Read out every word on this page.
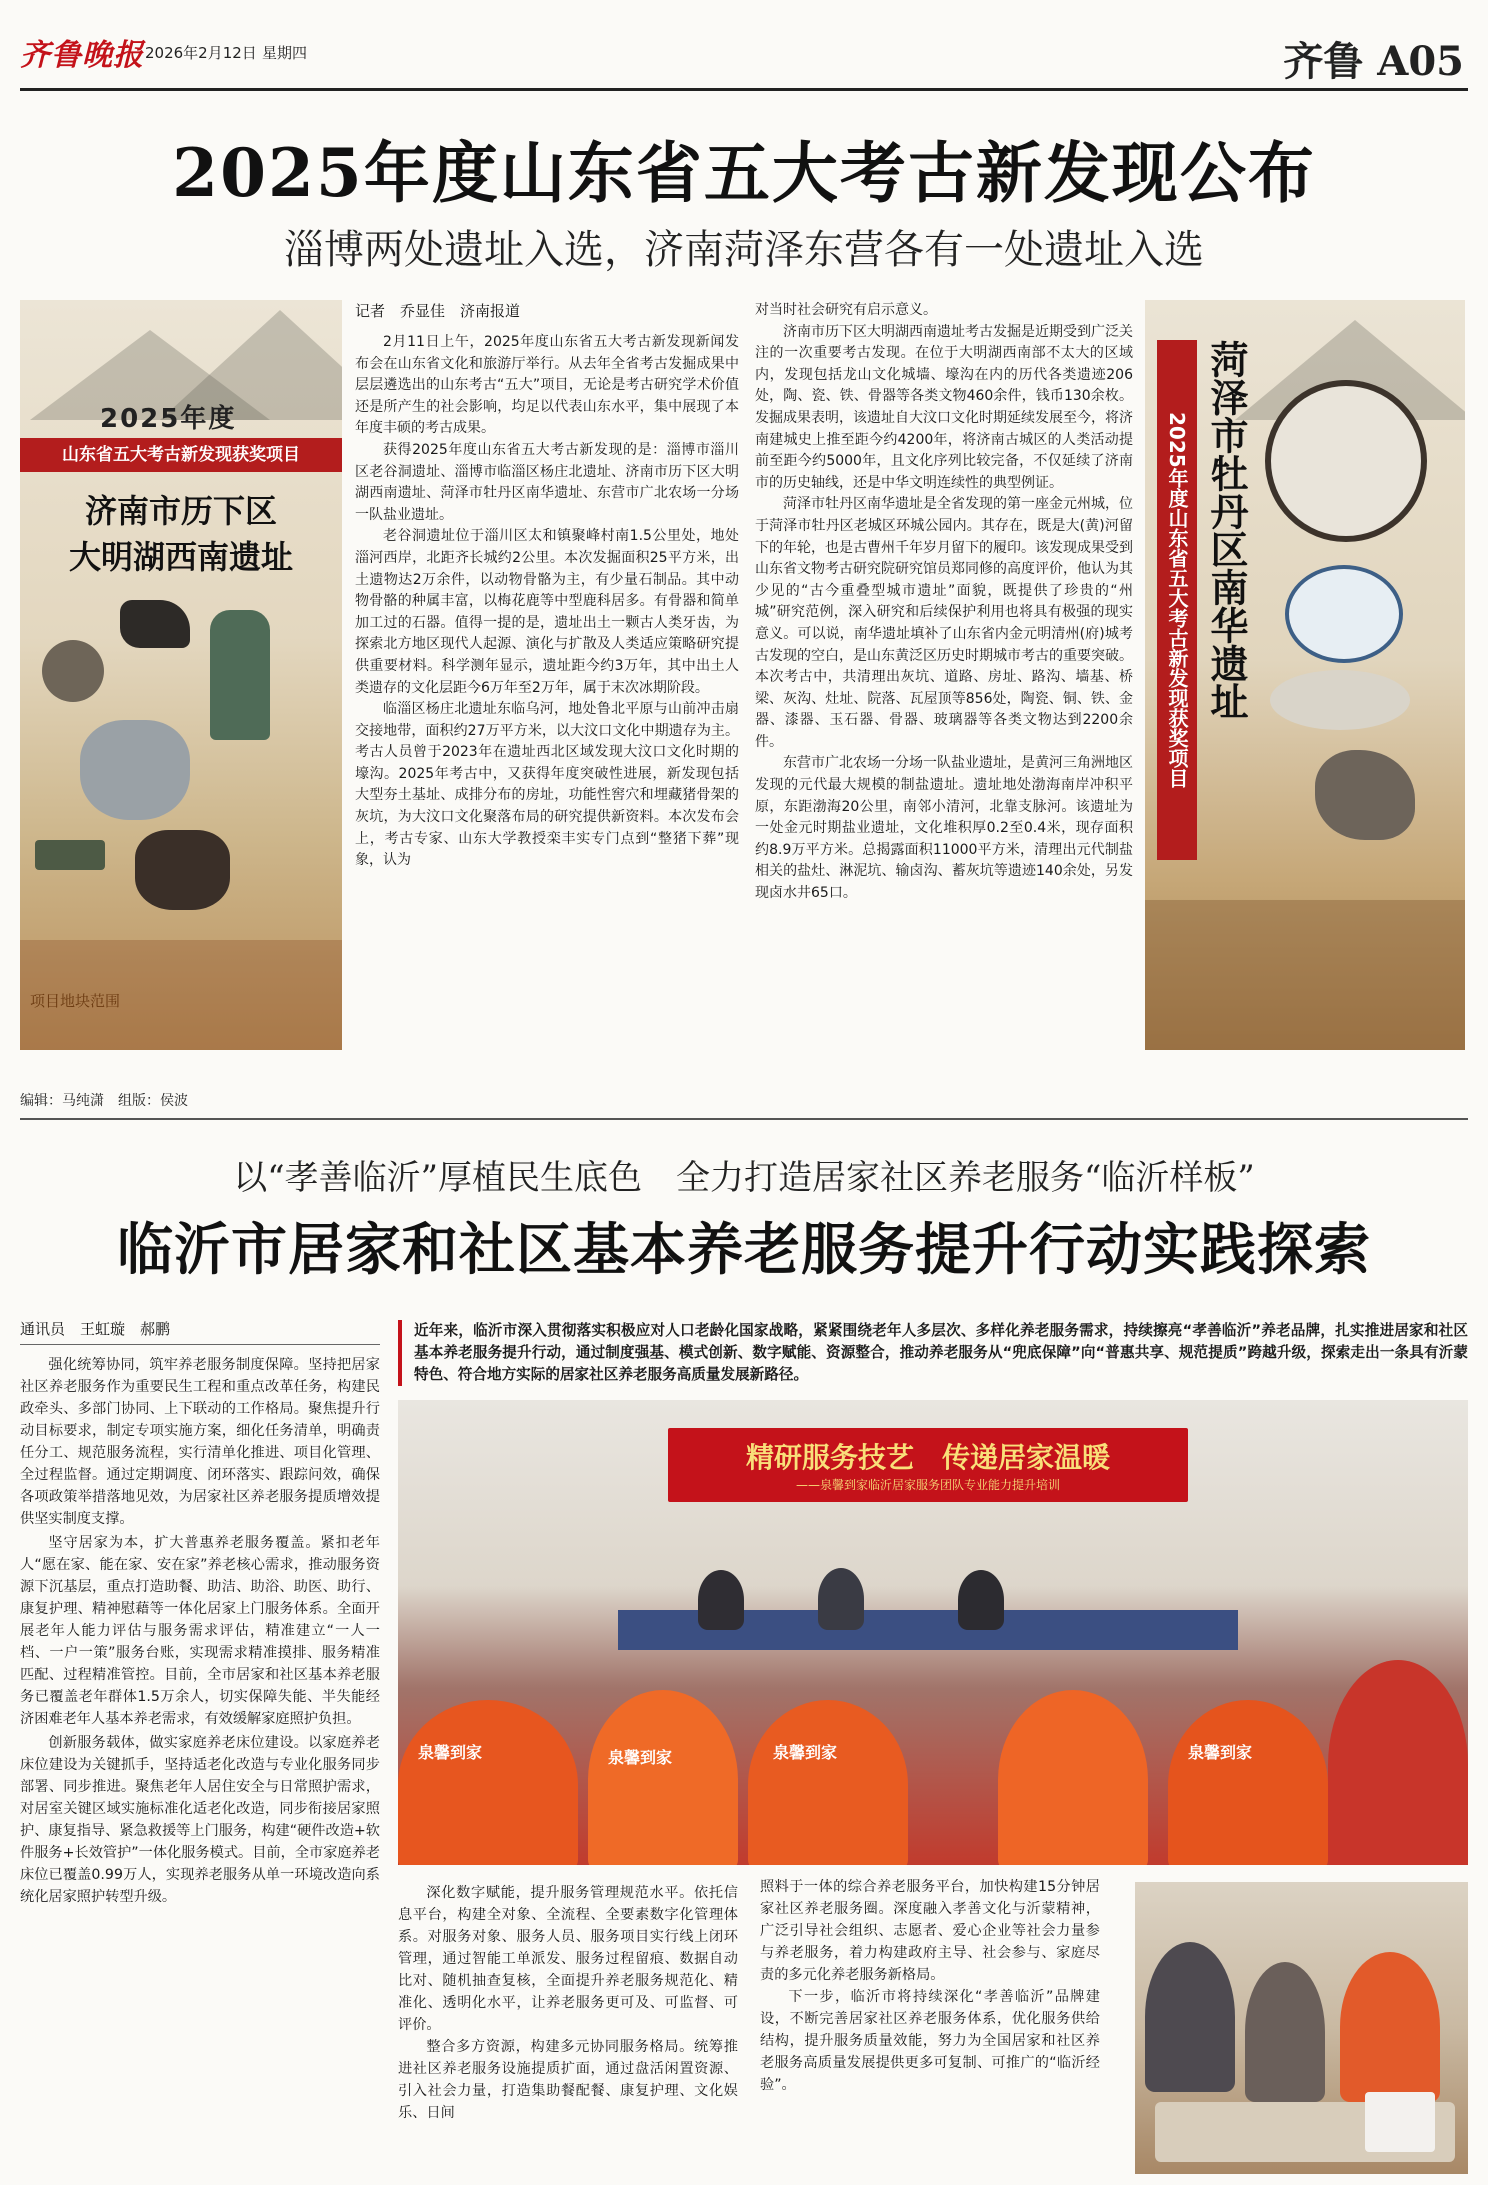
齐鲁晚报 2026年2月12日 星期四	齐鲁 A05
2025年度山东省五大考古新发现公布
淄博两处遗址入选，济南菏泽东营各有一处遗址入选
2025年度
山东省五大考古新发现获奖项目
济南市历下区
大明湖西南遗址
项目地块范围
记者　乔显佳　济南报道

2月11日上午，2025年度山东省五大考古新发现新闻发布会在山东省文化和旅游厅举行。从去年全省考古发掘成果中层层遴选出的山东考古“五大”项目，无论是考古研究学术价值还是所产生的社会影响，均足以代表山东水平，集中展现了本年度丰硕的考古成果。

获得2025年度山东省五大考古新发现的是：淄博市淄川区老谷洞遗址、淄博市临淄区杨庄北遗址、济南市历下区大明湖西南遗址、菏泽市牡丹区南华遗址、东营市广北农场一分场一队盐业遗址。

老谷洞遗址位于淄川区太和镇聚峰村南1.5公里处，地处淄河西岸，北距齐长城约2公里。本次发掘面积25平方米，出土遗物达2万余件，以动物骨骼为主，有少量石制品。其中动物骨骼的种属丰富，以梅花鹿等中型鹿科居多。有骨器和简单加工过的石器。值得一提的是，遗址出土一颗古人类牙齿，为探索北方地区现代人起源、演化与扩散及人类适应策略研究提供重要材料。科学测年显示，遗址距今约3万年，其中出土人类遗存的文化层距今6万年至2万年，属于末次冰期阶段。

临淄区杨庄北遗址东临乌河，地处鲁北平原与山前冲击扇交接地带，面积约27万平方米，以大汶口文化中期遗存为主。考古人员曾于2023年在遗址西北区域发现大汶口文化时期的壕沟。2025年考古中，又获得年度突破性进展，新发现包括大型夯土基址、成排分布的房址，功能性窖穴和埋藏猪骨架的灰坑，为大汶口文化聚落布局的研究提供新资料。本次发布会上，考古专家、山东大学教授栾丰实专门点到“整猪下葬”现象，认为

对当时社会研究有启示意义。

济南市历下区大明湖西南遗址考古发掘是近期受到广泛关注的一次重要考古发现。在位于大明湖西南部不太大的区域内，发现包括龙山文化城墙、壕沟在内的历代各类遗迹206处，陶、瓷、铁、骨器等各类文物460余件，钱币130余枚。发掘成果表明，该遗址自大汶口文化时期延续发展至今，将济南建城史上推至距今约4200年，将济南古城区的人类活动提前至距今约5000年，且文化序列比较完备，不仅延续了济南市的历史轴线，还是中华文明连续性的典型例证。

菏泽市牡丹区南华遗址是全省发现的第一座金元州城，位于菏泽市牡丹区老城区环城公园内。其存在，既是大(黄)河留下的年轮，也是古曹州千年岁月留下的履印。该发现成果受到山东省文物考古研究院研究馆员郑同修的高度评价，他认为其少见的“古今重叠型城市遗址”面貌，既提供了珍贵的“州城”研究范例，深入研究和后续保护利用也将具有极强的现实意义。可以说，南华遗址填补了山东省内金元明清州(府)城考古发现的空白，是山东黄泛区历史时期城市考古的重要突破。本次考古中，共清理出灰坑、道路、房址、路沟、墙基、桥梁、灰沟、灶址、院落、瓦屋顶等856处，陶瓷、铜、铁、金器、漆器、玉石器、骨器、玻璃器等各类文物达到2200余件。

东营市广北农场一分场一队盐业遗址，是黄河三角洲地区发现的元代最大规模的制盐遗址。遗址地处渤海南岸冲积平原，东距渤海20公里，南邻小清河，北靠支脉河。该遗址为一处金元时期盐业遗址，文化堆积厚0.2至0.4米，现存面积约8.9万平方米。总揭露面积11000平方米，清理出元代制盐相关的盐灶、淋泥坑、输卤沟、蓄灰坑等遗迹140余处，另发现卤水井65口。

2025年度山东省五大考古新发现获奖项目 菏泽市牡丹区南华遗址
编辑：马纯潇　组版：侯波
以“孝善临沂”厚植民生底色　全力打造居家社区养老服务“临沂样板”
临沂市居家和社区基本养老服务提升行动实践探索
通讯员　王虹璇　郝鹏

强化统筹协同，筑牢养老服务制度保障。坚持把居家社区养老服务作为重要民生工程和重点改革任务，构建民政牵头、多部门协同、上下联动的工作格局。聚焦提升行动目标要求，制定专项实施方案，细化任务清单，明确责任分工、规范服务流程，实行清单化推进、项目化管理、全过程监督。通过定期调度、闭环落实、跟踪问效，确保各项政策举措落地见效，为居家社区养老服务提质增效提供坚实制度支撑。

坚守居家为本，扩大普惠养老服务覆盖。紧扣老年人“愿在家、能在家、安在家”养老核心需求，推动服务资源下沉基层，重点打造助餐、助洁、助浴、助医、助行、康复护理、精神慰藉等一体化居家上门服务体系。全面开展老年人能力评估与服务需求评估，精准建立“一人一档、一户一策”服务台账，实现需求精准摸排、服务精准匹配、过程精准管控。目前，全市居家和社区基本养老服务已覆盖老年群体1.5万余人，切实保障失能、半失能经济困难老年人基本养老需求，有效缓解家庭照护负担。

创新服务载体，做实家庭养老床位建设。以家庭养老床位建设为关键抓手，坚持适老化改造与专业化服务同步部署、同步推进。聚焦老年人居住安全与日常照护需求，对居室关键区域实施标准化适老化改造，同步衔接居家照护、康复指导、紧急救援等上门服务，构建“硬件改造+软件服务+长效管护”一体化服务模式。目前，全市家庭养老床位已覆盖0.99万人，实现养老服务从单一环境改造向系统化居家照护转型升级。

近年来，临沂市深入贯彻落实积极应对人口老龄化国家战略，紧紧围绕老年人多层次、多样化养老服务需求，持续擦亮“孝善临沂”养老品牌，扎实推进居家和社区基本养老服务提升行动，通过制度强基、模式创新、数字赋能、资源整合，推动养老服务从“兜底保障”向“普惠共享、规范提质”跨越升级，探索走出一条具有沂蒙特色、符合地方实际的居家社区养老服务高质量发展新路径。
精研服务技艺　传递居家温暖
——泉馨到家临沂居家服务团队专业能力提升培训
泉馨到家	泉馨到家	泉馨到家	泉馨到家

深化数字赋能，提升服务管理规范水平。依托信息平台，构建全对象、全流程、全要素数字化管理体系。对服务对象、服务人员、服务项目实行线上闭环管理，通过智能工单派发、服务过程留痕、数据自动比对、随机抽查复核，全面提升养老服务规范化、精准化、透明化水平，让养老服务更可及、可监督、可评价。

整合多方资源，构建多元协同服务格局。统筹推进社区养老服务设施提质扩面，通过盘活闲置资源、引入社会力量，打造集助餐配餐、康复护理、文化娱乐、日间

照料于一体的综合养老服务平台，加快构建15分钟居家社区养老服务圈。深度融入孝善文化与沂蒙精神，广泛引导社会组织、志愿者、爱心企业等社会力量参与养老服务，着力构建政府主导、社会参与、家庭尽责的多元化养老服务新格局。

下一步，临沂市将持续深化“孝善临沂”品牌建设，不断完善居家社区养老服务体系，优化服务供给结构，提升服务质量效能，努力为全国居家和社区养老服务高质量发展提供更多可复制、可推广的“临沂经验”。
